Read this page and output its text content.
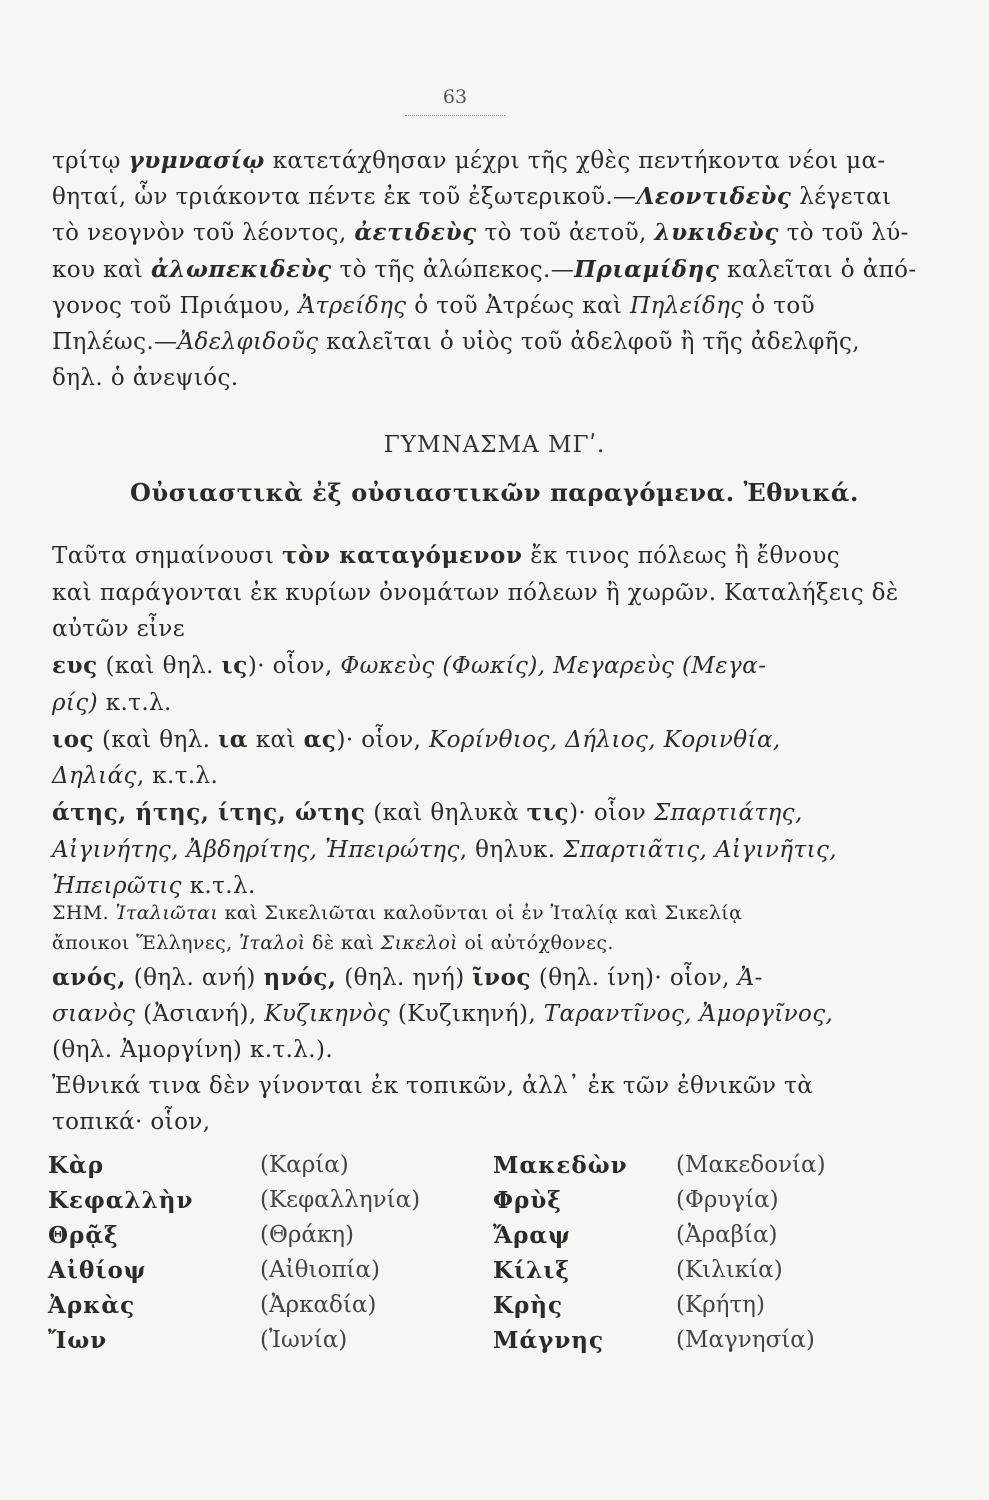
63
τρίτῳ γυμνασίῳ κατετάχθησαν μέχρι τῆς χθὲς πεντήκοντα νέοι μα-
θηταί, ὧν τριάκοντα πέντε ἐκ τοῦ ἐξωτερικοῦ.—Λεοντιδεὺς λέγεται
τὸ νεογνὸν τοῦ λέοντος, ἀετιδεὺς τὸ τοῦ ἀετοῦ, λυκιδεὺς τὸ τοῦ λύ-
κου καὶ ἀλωπεκιδεὺς τὸ τῆς ἀλώπεκος.—Πριαμίδης καλεῖται ὁ ἀπό-
γονος τοῦ Πριάμου, Ἀτρείδης ὁ τοῦ Ἀτρέως καὶ Πηλείδης ὁ τοῦ
Πηλέως.—Ἀδελφιδοῦς καλεῖται ὁ υἱὸς τοῦ ἀδελφοῦ ἢ τῆς ἀδελφῆς,
δηλ. ὁ ἀνεψιός.
ΓΥΜΝΑΣΜΑ ΜΓʹ.
Οὐσιαστικὰ ἐξ οὐσιαστικῶν παραγόμενα. Ἐθνικά.
Ταῦτα σημαίνουσι τὸν καταγόμενον ἔκ τινος πόλεως ἢ ἔθνους
καὶ παράγονται ἐκ κυρίων ὀνομάτων πόλεων ἢ χωρῶν. Καταλήξεις δὲ
αὐτῶν εἶνε
ευς (καὶ θηλ. ις)· οἷον, Φωκεὺς (Φωκίς), Μεγαρεὺς (Μεγα-
ρίς) κ.τ.λ.
ιος (καὶ θηλ. ια καὶ ας)· οἷον, Κορίνθιος, Δήλιος, Κορινθία,
Δηλιάς, κ.τ.λ.
άτης, ήτης, ίτης, ώτης (καὶ θηλυκὰ τις)· οἷον Σπαρτιάτης,
Αἰγινήτης, Ἀβδηρίτης, Ἠπειρώτης, θηλυκ. Σπαρτιᾶτις, Αἰγινῆτις,
Ἠπειρῶτις κ.τ.λ.
ΣΗΜ. Ἰταλιῶται καὶ Σικελιῶται καλοῦνται οἱ ἐν Ἰταλίᾳ καὶ Σικελίᾳ
ἄποικοι Ἕλληνες, Ἰταλοὶ δὲ καὶ Σικελοὶ οἱ αὐτόχθονες.
ανός, (θηλ. ανή) ηνός, (θηλ. ηνή) ῖνος (θηλ. ίνη)· οἷον, Ἀ-
σιανὸς (Ἀσιανή), Κυζικηνὸς (Κυζικηνή), Ταραντῖνος, Ἀμοργῖνος,
(θηλ. Ἀμοργίνη) κ.τ.λ.).
Ἐθνικά τινα δὲν γίνονται ἐκ τοπικῶν, ἀλλ᾽ ἐκ τῶν ἐθνικῶν τὰ
τοπικά· οἷον,
Κὰρ	(Καρία)	Μακεδὼν (Μακεδονία)
Κεφαλλὴν	(Κεφαλληνία)	Φρὺξ	(Φρυγία)
Θρᾷξ	(Θράκη)	Ἄραψ	(Ἀραβία)
Αἰθίοψ	(Αἰθιοπία)	Κίλιξ	(Κιλικία)
Ἀρκὰς	(Ἀρκαδία)	Κρὴς	(Κρήτη)
Ἴων	(Ἰωνία)	Μάγνης	(Μαγνησία)
